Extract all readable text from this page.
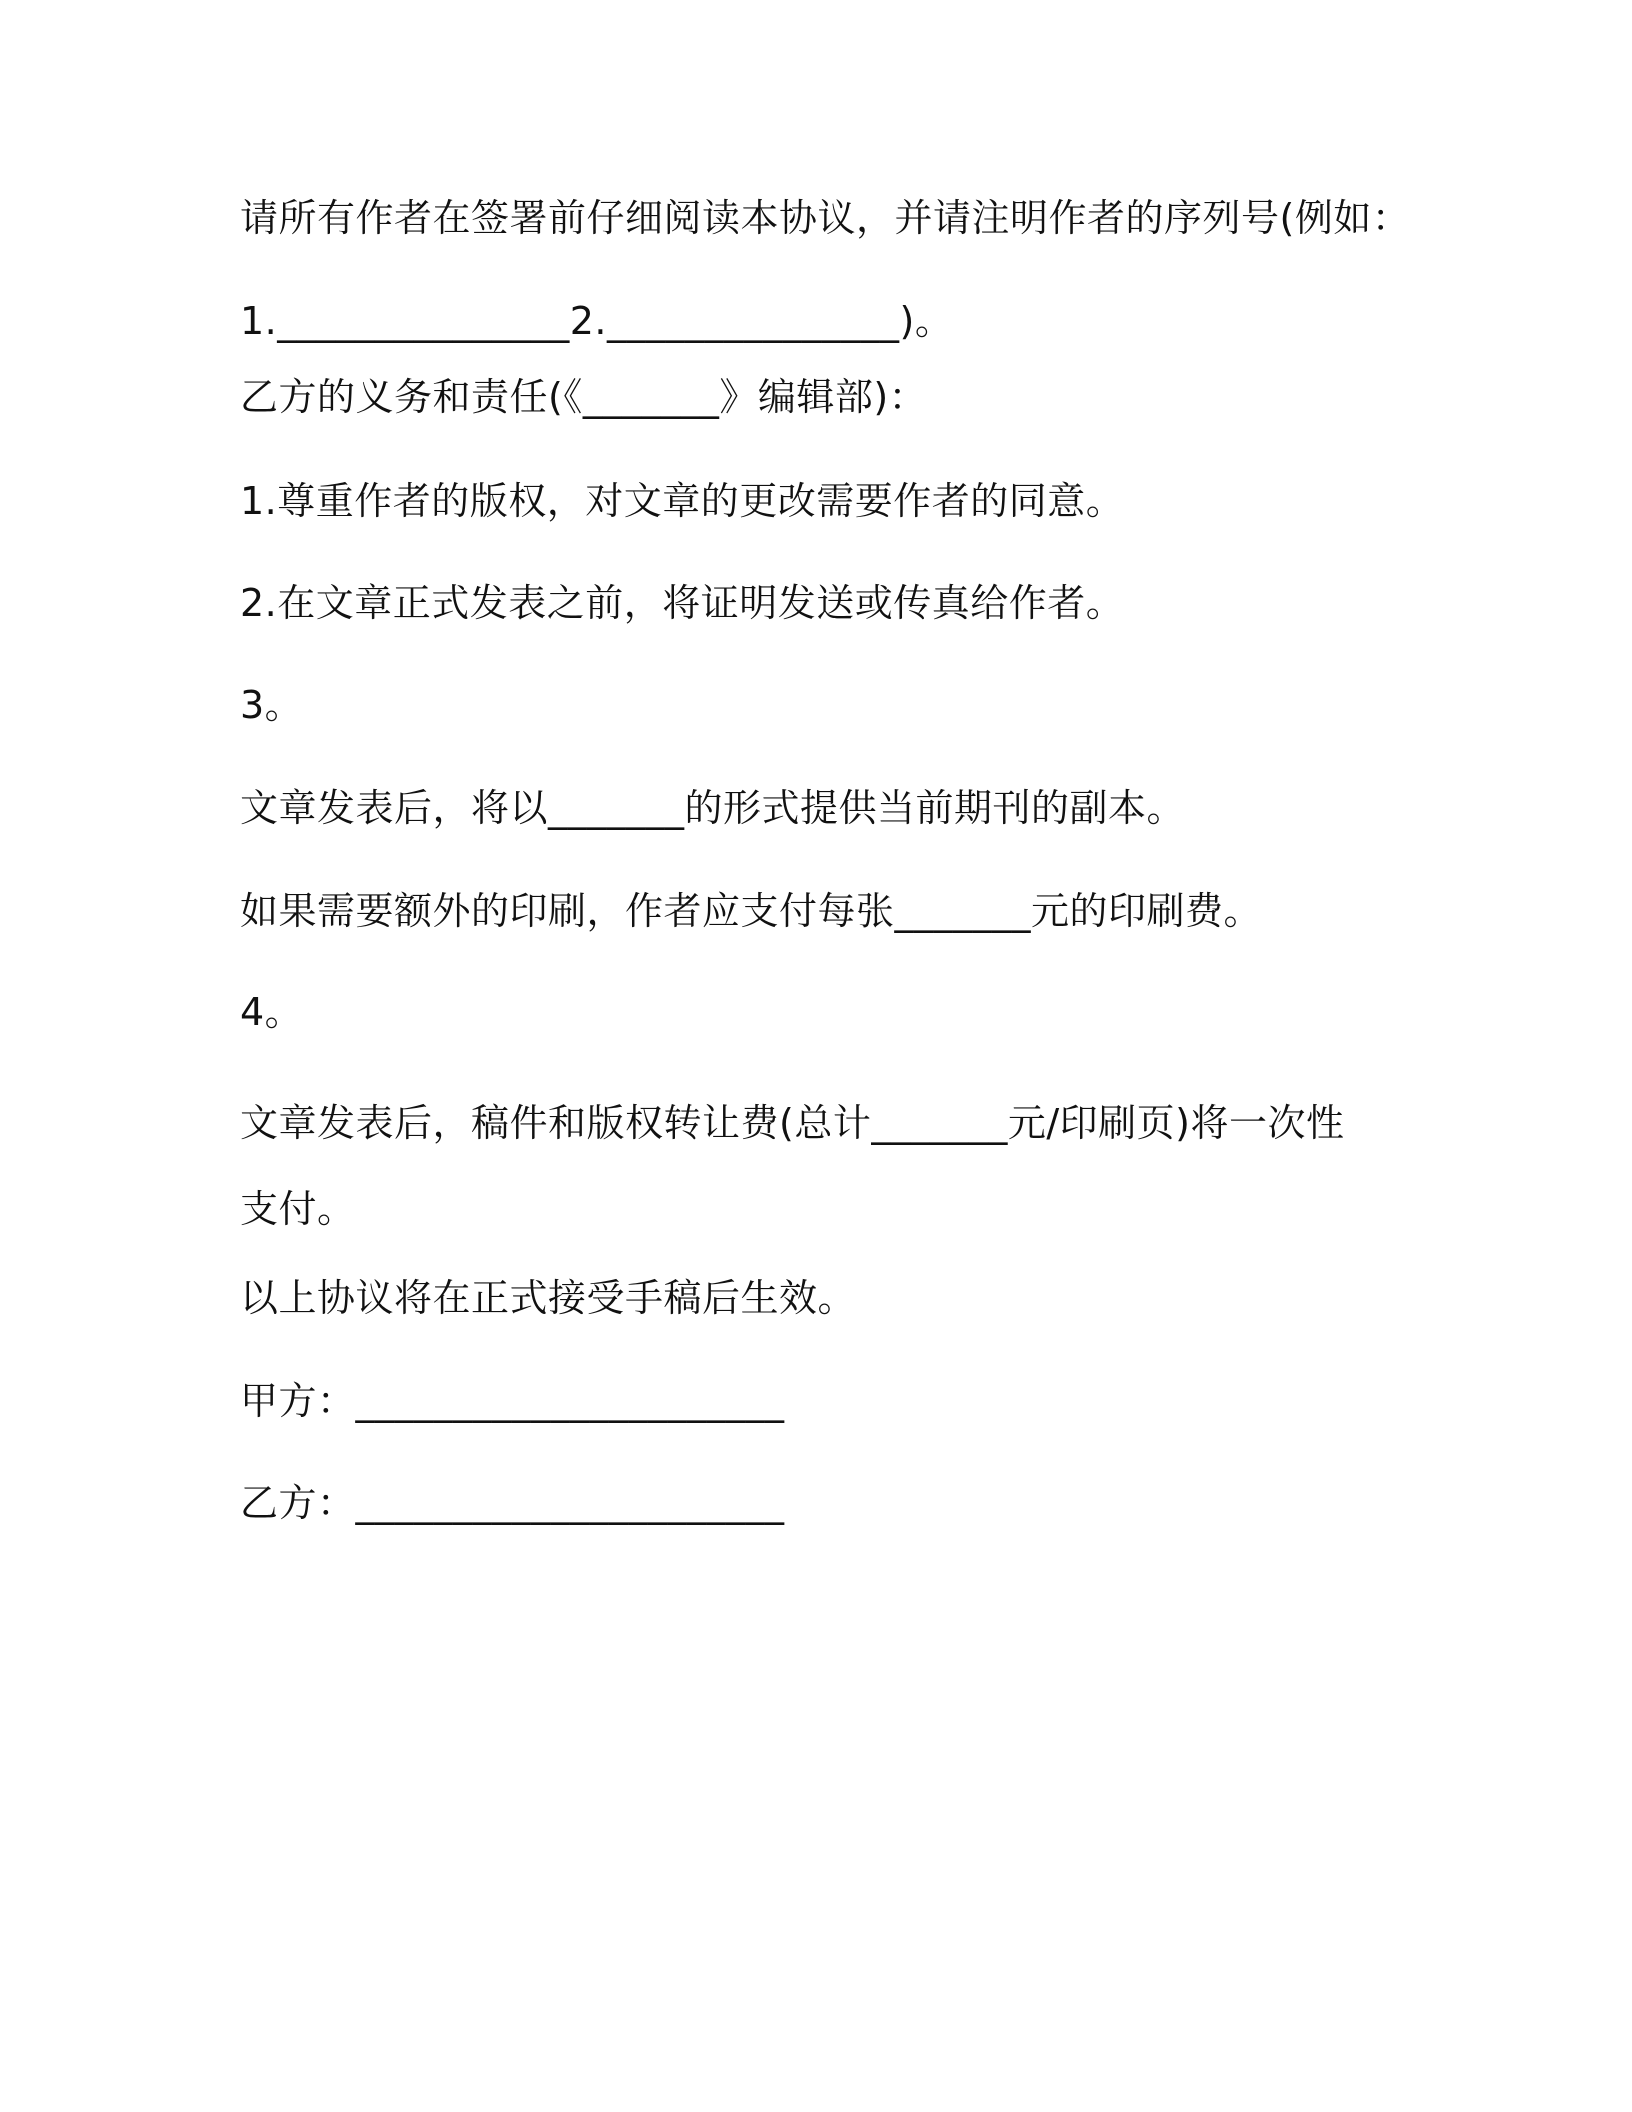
请所有作者在签署前仔细阅读本协议，并请注明作者的序列号(例如：
1._______________2._______________)。
乙方的义务和责任(《_______》编辑部)：
1.尊重作者的版权，对文章的更改需要作者的同意。
2.在文章正式发表之前，将证明发送或传真给作者。
3。
文章发表后，将以_______的形式提供当前期刊的副本。
如果需要额外的印刷，作者应支付每张_______元的印刷费。
4。
文章发表后，稿件和版权转让费(总计_______元/印刷页)将一次性支付。
以上协议将在正式接受手稿后生效。
甲方：______________________
乙方：______________________
